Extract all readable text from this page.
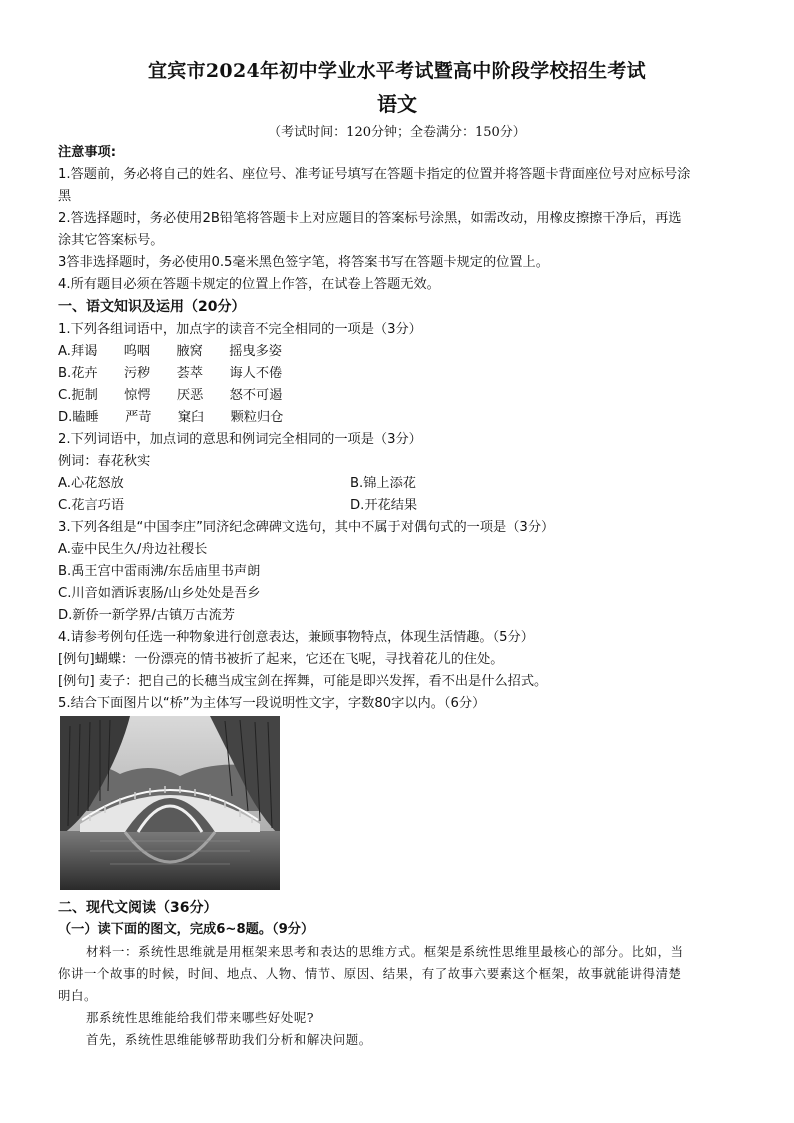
宜宾市2024年初中学业水平考试暨高中阶段学校招生考试
语文
（考试时间：120分钟；全卷满分：150分）
注意事项:
1.答题前，务必将自己的姓名、座位号、准考证号填写在答题卡指定的位置并将答题卡背面座位号对应标号涂
黑
2.答选择题时，务必使用2B铅笔将答题卡上对应题目的答案标号涂黑，如需改动，用橡皮擦擦干净后，再选
涂其它答案标号。
3答非选择题时，务必使用0.5毫米黑色签字笔，将答案书写在答题卡规定的位置上。
4.所有题目必须在答题卡规定的位置上作答，在试卷上答题无效。
一、语文知识及运用（20分）
1.下列各组词语中，加点字的读音不完全相同的一项是（3分）
A.拜谒　　呜咽　　腋窝　　摇曳多姿
B.花卉　　污秽　　荟萃　　诲人不倦
C.扼制　　惊愕　　厌恶　　怒不可遏
D.瞌睡　　严苛　　窠臼　　颗粒归仓
2.下列词语中，加点词的意思和例词完全相同的一项是（3分）
例词：春花秋实
A.心花怒放	B.锦上添花
C.花言巧语	D.开花结果
3.下列各组是“中国李庄”同济纪念碑碑文选句，其中不属于对偶句式的一项是（3分）
A.壶中民生久/舟边社稷长
B.禹王宫中雷雨沸/东岳庙里书声朗
C.川音如酒诉衷肠/山乡处处是吾乡
D.新侨一新学界/古镇万古流芳
4.请参考例句任选一种物象进行创意表达，兼顾事物特点，体现生活情趣。（5分）
[例句]蝴蝶：一份漂亮的情书被折了起来，它还在飞呢，寻找着花儿的住处。
[例句] 麦子：把自己的长穗当成宝剑在挥舞，可能是即兴发挥，看不出是什么招式。
5.结合下面图片以“桥”为主体写一段说明性文字，字数80字以内。（6分）
二、现代文阅读（36分）
（一）读下面的图文，完成6~8题。（9分）
材料一：系统性思维就是用框架来思考和表达的思维方式。框架是系统性思维里最核心的部分。比如，当
你讲一个故事的时候，时间、地点、人物、情节、原因、结果，有了故事六要素这个框架，故事就能讲得清楚
明白。
那系统性思维能给我们带来哪些好处呢?
首先，系统性思维能够帮助我们分析和解决问题。
